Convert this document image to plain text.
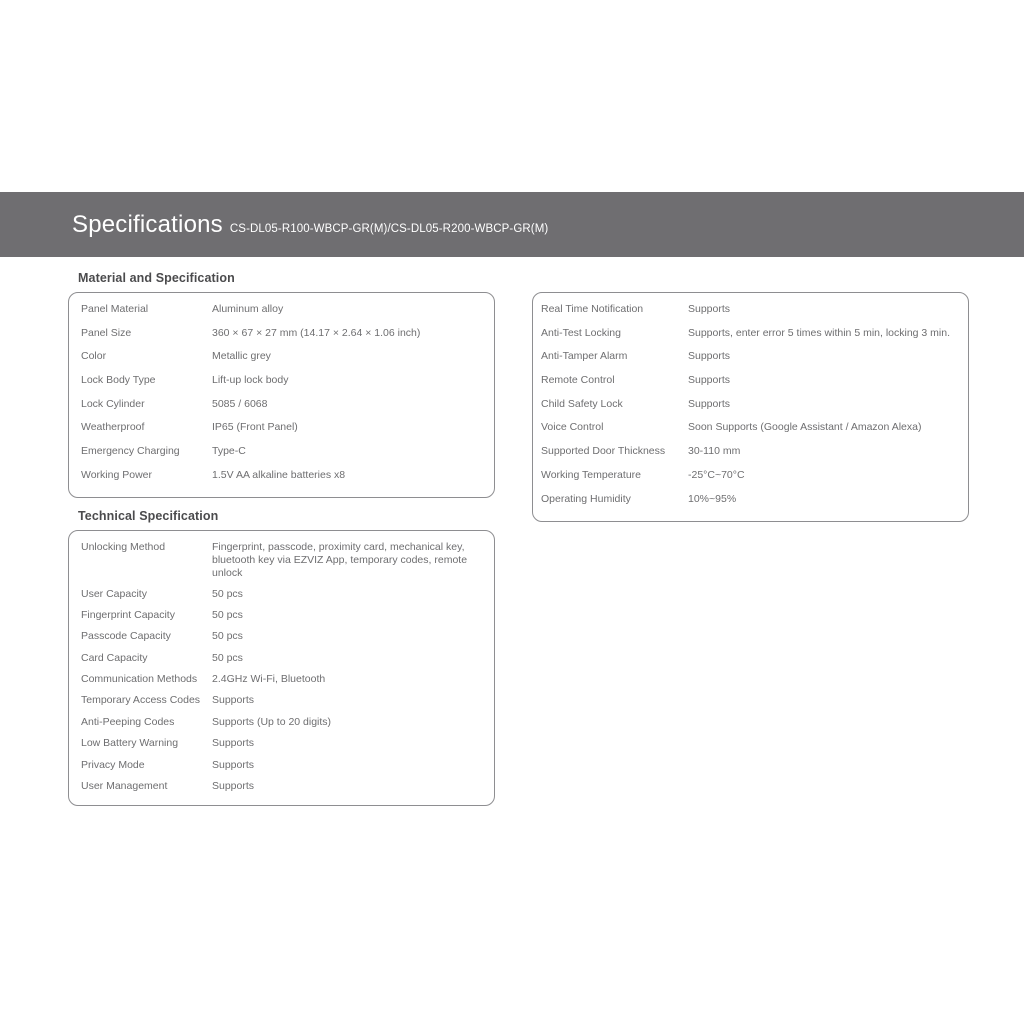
Specifications CS-DL05-R100-WBCP-GR(M)/CS-DL05-R200-WBCP-GR(M)
Material and Specification
Panel Material	Aluminum alloy
Panel Size	360 × 67 × 27 mm (14.17 × 2.64 × 1.06 inch)
Color	Metallic grey
Lock Body Type	Lift-up lock body
Lock Cylinder	5085 / 6068
Weatherproof	IP65 (Front Panel)
Emergency Charging	Type-C
Working Power	1.5V AA alkaline batteries x8
Real Time Notification	Supports
Anti-Test Locking	Supports, enter error 5 times within 5 min, locking 3 min.
Anti-Tamper Alarm	Supports
Remote Control	Supports
Child Safety Lock	Supports
Voice Control	Soon Supports (Google Assistant / Amazon Alexa)
Supported Door Thickness	30-110 mm
Working Temperature	-25°C~70°C
Operating Humidity	10%~95%
Technical Specification
Unlocking Method	Fingerprint, passcode, proximity card, mechanical key, bluetooth key via EZVIZ App, temporary codes, remote unlock
User Capacity	50 pcs
Fingerprint Capacity	50 pcs
Passcode Capacity	50 pcs
Card Capacity	50 pcs
Communication Methods	2.4GHz Wi-Fi, Bluetooth
Temporary Access Codes	Supports
Anti-Peeping Codes	Supports (Up to 20 digits)
Low Battery Warning	Supports
Privacy Mode	Supports
User Management	Supports
